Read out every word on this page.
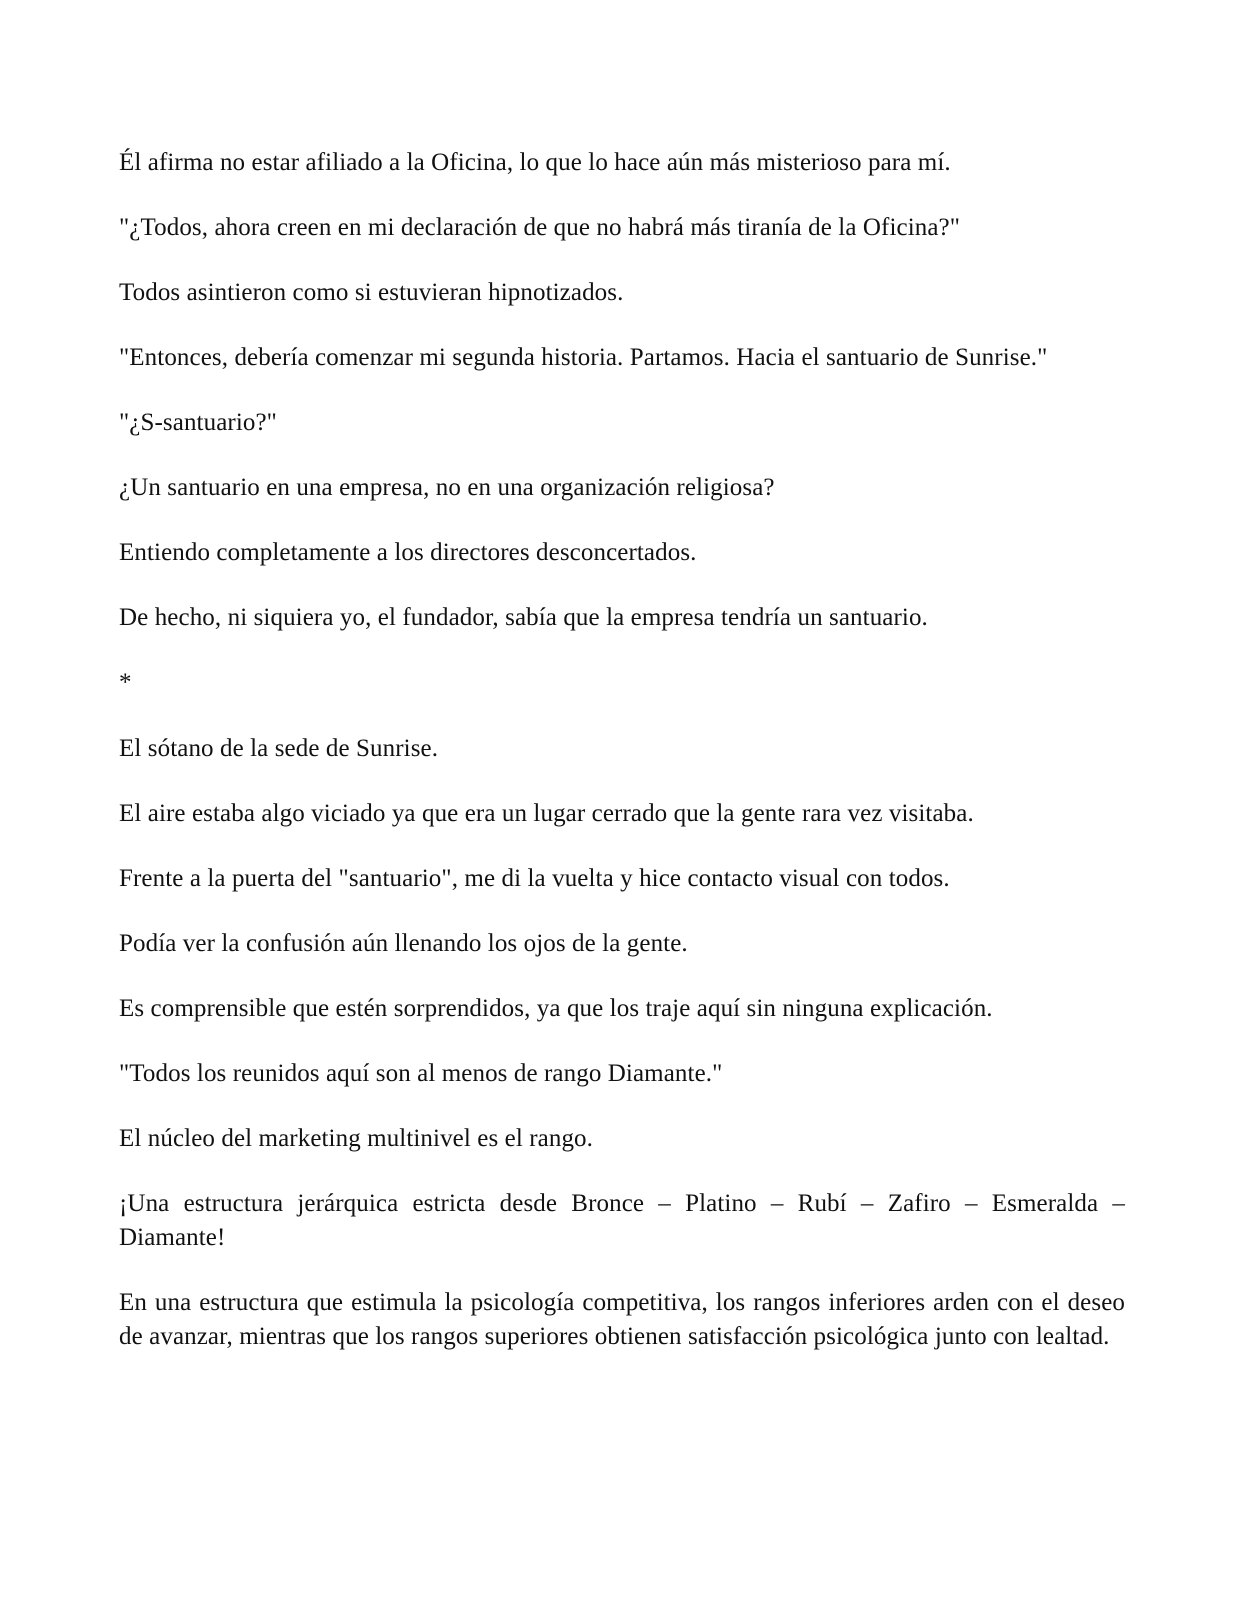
Él afirma no estar afiliado a la Oficina, lo que lo hace aún más misterioso para mí.

"¿Todos, ahora creen en mi declaración de que no habrá más tiranía de la Oficina?"

Todos asintieron como si estuvieran hipnotizados.

"Entonces, debería comenzar mi segunda historia. Partamos. Hacia el santuario de Sunrise."

"¿S-santuario?"

¿Un santuario en una empresa, no en una organización religiosa?

Entiendo completamente a los directores desconcertados.

De hecho, ni siquiera yo, el fundador, sabía que la empresa tendría un santuario.

*

El sótano de la sede de Sunrise.

El aire estaba algo viciado ya que era un lugar cerrado que la gente rara vez visitaba.

Frente a la puerta del "santuario", me di la vuelta y hice contacto visual con todos.

Podía ver la confusión aún llenando los ojos de la gente.

Es comprensible que estén sorprendidos, ya que los traje aquí sin ninguna explicación.

"Todos los reunidos aquí son al menos de rango Diamante."

El núcleo del marketing multinivel es el rango.

¡Una estructura jerárquica estricta desde Bronce – Platino – Rubí – Zafiro – Esmeralda – Diamante!

En una estructura que estimula la psicología competitiva, los rangos inferiores arden con el deseo de avanzar, mientras que los rangos superiores obtienen satisfacción psicológica junto con lealtad.
